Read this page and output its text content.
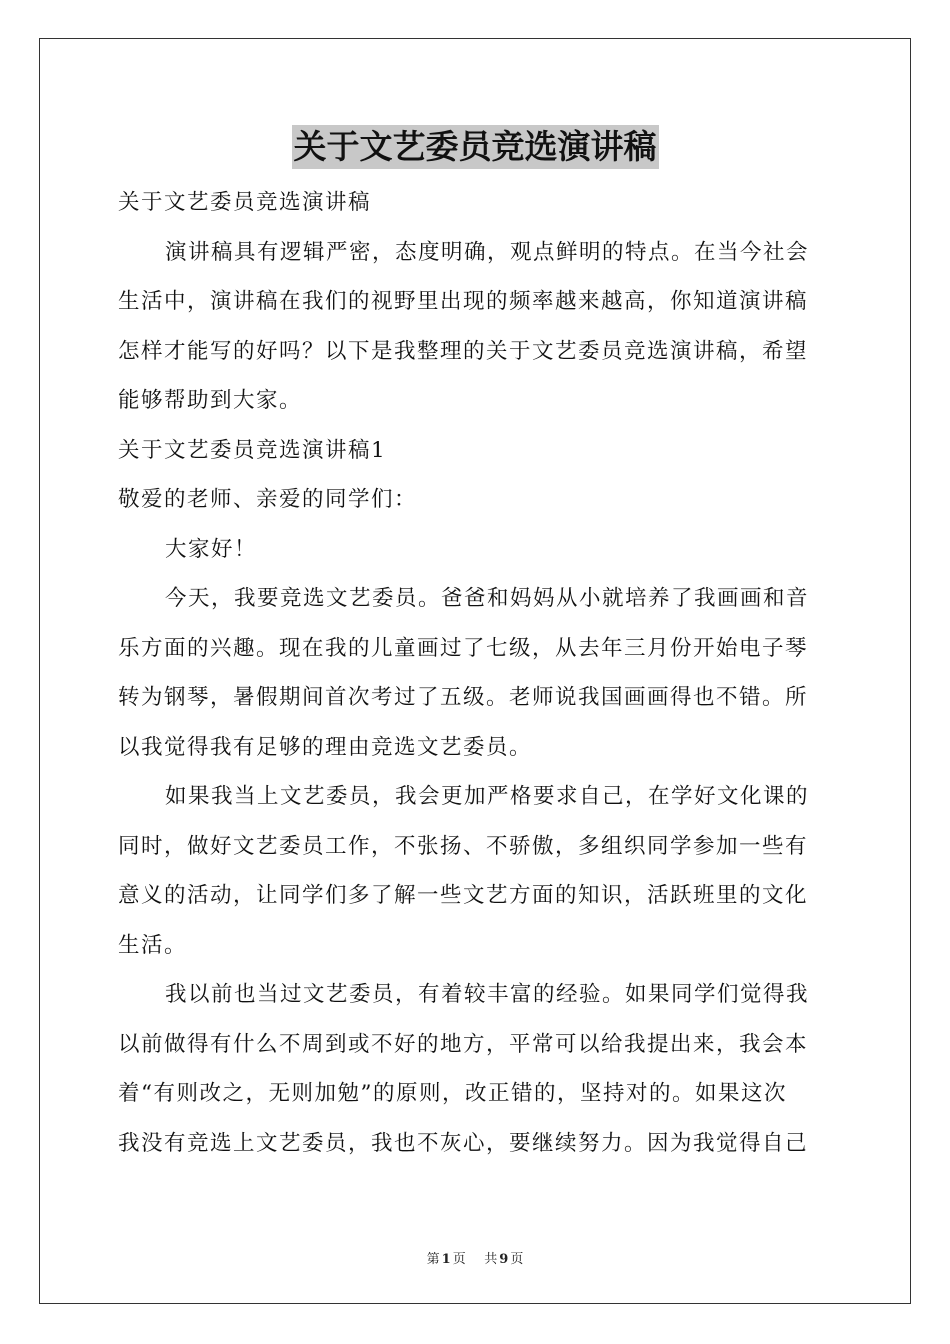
关于文艺委员竞选演讲稿

关于文艺委员竞选演讲稿

演讲稿具有逻辑严密，态度明确，观点鲜明的特点。在当今社会

生活中，演讲稿在我们的视野里出现的频率越来越高，你知道演讲稿

怎样才能写的好吗？以下是我整理的关于文艺委员竞选演讲稿，希望

能够帮助到大家。

关于文艺委员竞选演讲稿1

敬爱的老师、亲爱的同学们：

大家好！

今天，我要竞选文艺委员。爸爸和妈妈从小就培养了我画画和音

乐方面的兴趣。现在我的儿童画过了七级，从去年三月份开始电子琴

转为钢琴，暑假期间首次考过了五级。老师说我国画画得也不错。所

以我觉得我有足够的理由竞选文艺委员。

如果我当上文艺委员，我会更加严格要求自己，在学好文化课的

同时，做好文艺委员工作，不张扬、不骄傲，多组织同学参加一些有

意义的活动，让同学们多了解一些文艺方面的知识，活跃班里的文化

生活。

我以前也当过文艺委员，有着较丰富的经验。如果同学们觉得我

以前做得有什么不周到或不好的地方，平常可以给我提出来，我会本

着“有则改之，无则加勉”的原则，改正错的，坚持对的。如果这次

我没有竞选上文艺委员，我也不灰心，要继续努力。因为我觉得自己

第 1 页 共 9 页
